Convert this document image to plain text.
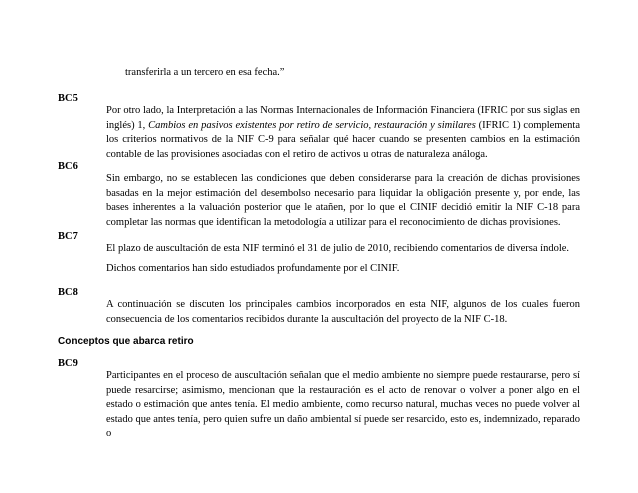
transferirla a un tercero en esa fecha.”

BC5

Por otro lado, la Interpretación a las Normas Internacionales de Información Financiera (IFRIC por sus siglas en inglés) 1, Cambios en pasivos existentes por retiro de servicio, restauración y similares (IFRIC 1) complementa los criterios normativos de la NIF C-9 para señalar qué hacer cuando se presenten cambios en la estimación contable de las provisiones asociadas con el retiro de activos u otras de naturaleza análoga.

BC6

Sin embargo, no se establecen las condiciones que deben considerarse para la creación de dichas provisiones basadas en la mejor estimación del desembolso necesario para liquidar la obligación presente y, por ende, las bases inherentes a la valuación posterior que le atañen, por lo que el CINIF decidió emitir la NIF C-18 para completar las normas que identifican la metodología a utilizar para el reconocimiento de dichas provisiones.

BC7

El plazo de auscultación de esta NIF terminó el 31 de julio de 2010, recibiendo comentarios de diversa índole.

Dichos comentarios han sido estudiados profundamente por el CINIF.

BC8

A continuación se discuten los principales cambios incorporados en esta NIF, algunos de los cuales fueron consecuencia de los comentarios recibidos durante la auscultación del proyecto de la NIF C-18.

Conceptos que abarca retiro
BC9

Participantes en el proceso de auscultación señalan que el medio ambiente no siempre puede restaurarse, pero sí puede resarcirse; asimismo, mencionan que la restauración es el acto de renovar o volver a poner algo en el estado o estimación que antes tenía. El medio ambiente, como recurso natural, muchas veces no puede volver al estado que antes tenía, pero quien sufre un daño ambiental sí puede ser resarcido, esto es, indemnizado, reparado o
